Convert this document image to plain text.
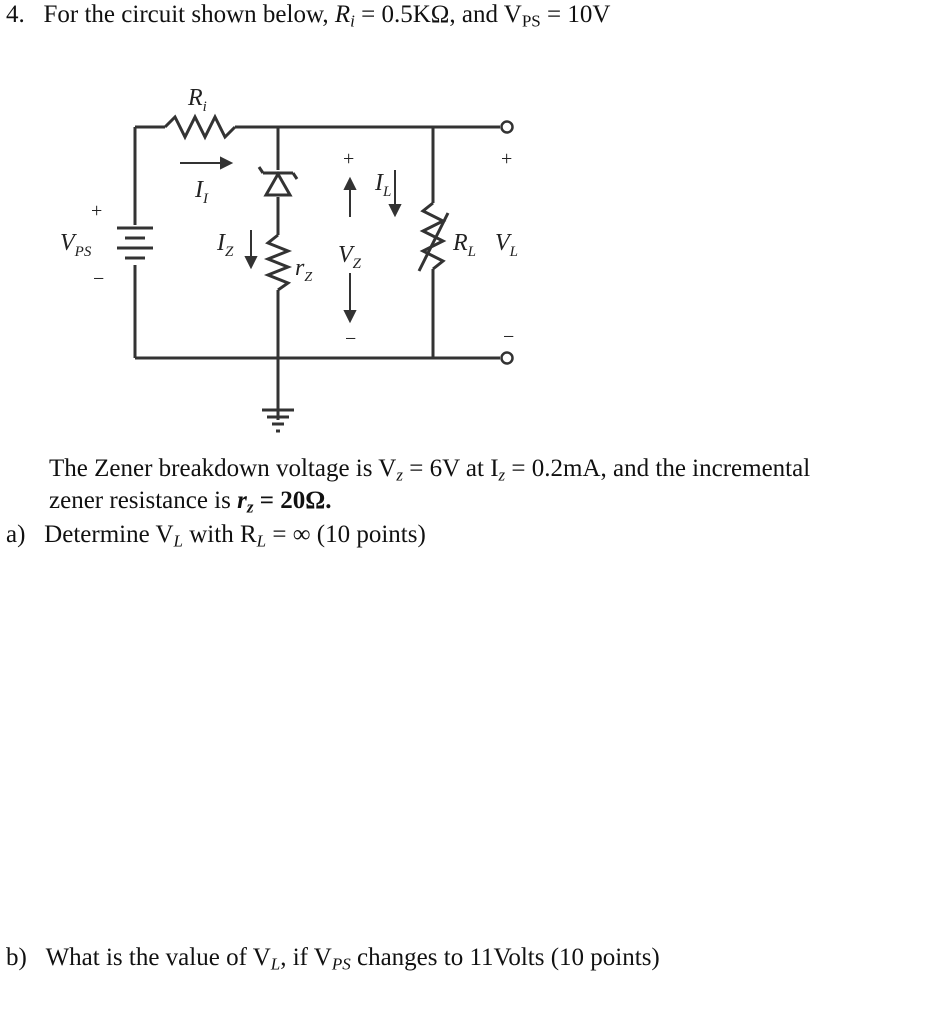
4. For the circuit shown below, $R_i = 0.5K\Omega$, and $V_{PS} = 10V$
$R_i$
$I_I$
$I_Z$
$r_Z$
$V_Z$
$I_L$
$R_L$ $V_L$
$V_{PS}$
+
−
+
−
+
−
The Zener breakdown voltage is $V_z = 6V$ at $I_z = 0.2mA$, and the incremental
zener resistance is $r_z = 20\Omega$.
a) Determine $V_L$ with $R_L$ = ∞ (10 points)
b) What is the value of $V_L$, if $V_{PS}$ changes to 11Volts (10 points)
